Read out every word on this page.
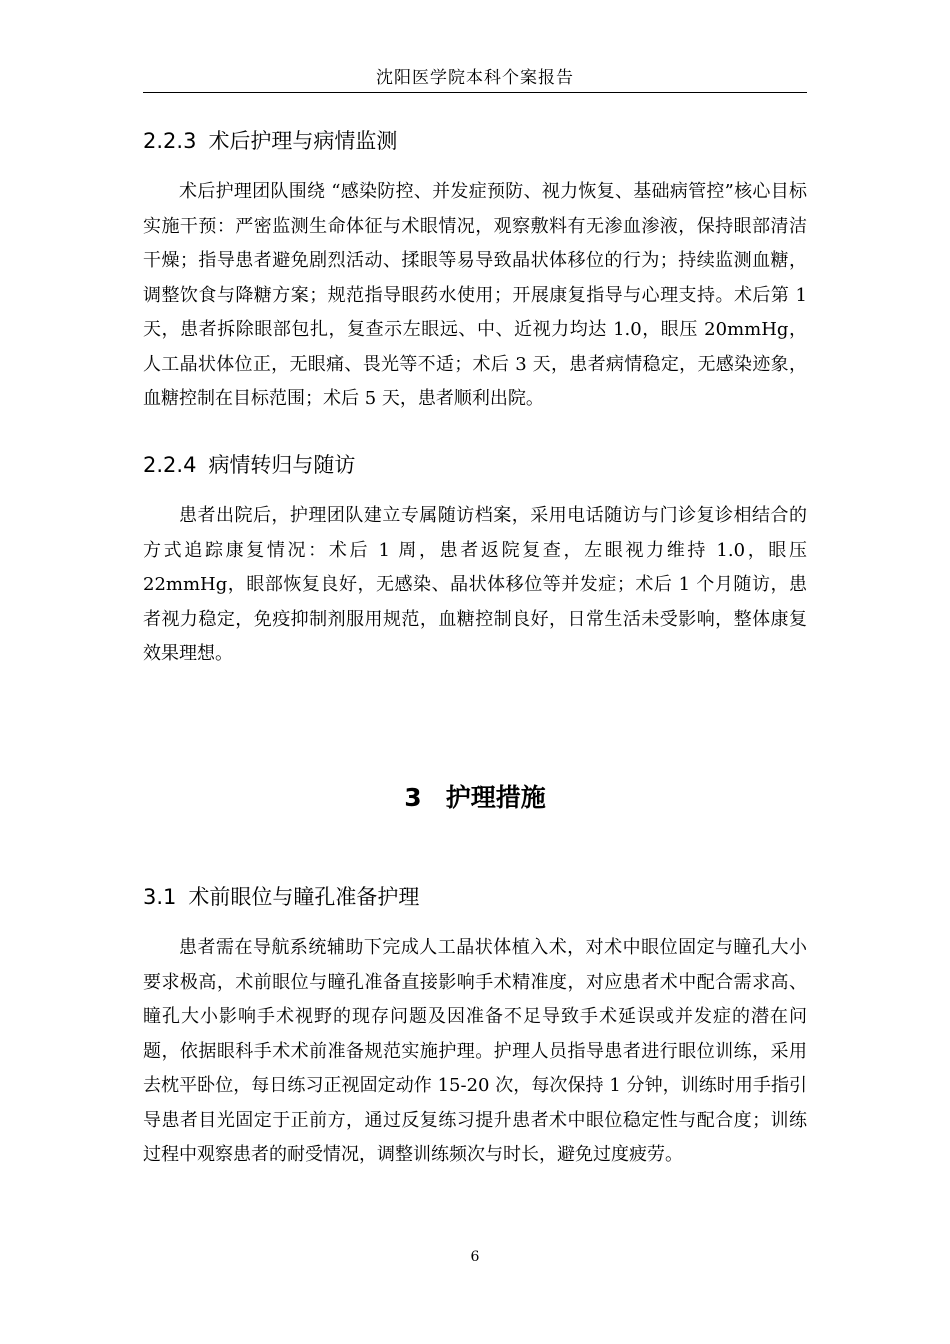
沈阳医学院本科个案报告
2.2.3 术后护理与病情监测

术后护理团队围绕 “感染防控、并发症预防、视力恢复、基础病管控”核心目标实施干预：严密监测生命体征与术眼情况，观察敷料有无渗血渗液，保持眼部清洁干燥；指导患者避免剧烈活动、揉眼等易导致晶状体移位的行为；持续监测血糖，调整饮食与降糖方案；规范指导眼药水使用；开展康复指导与心理支持。术后第 1 天，患者拆除眼部包扎，复查示左眼远、中、近视力均达 1.0，眼压 20mmHg，人工晶状体位正，无眼痛、畏光等不适；术后 3 天，患者病情稳定，无感染迹象，血糖控制在目标范围；术后 5 天，患者顺利出院。

2.2.4 病情转归与随访

患者出院后，护理团队建立专属随访档案，采用电话随访与门诊复诊相结合的方式追踪康复情况：术后 1 周，患者返院复查，左眼视力维持 1.0，眼压 22mmHg，眼部恢复良好，无感染、晶状体移位等并发症；术后 1 个月随访，患者视力稳定，免疫抑制剂服用规范，血糖控制良好，日常生活未受影响，整体康复效果理想。

3 护理措施
3.1 术前眼位与瞳孔准备护理

患者需在导航系统辅助下完成人工晶状体植入术，对术中眼位固定与瞳孔大小要求极高，术前眼位与瞳孔准备直接影响手术精准度，对应患者术中配合需求高、瞳孔大小影响手术视野的现存问题及因准备不足导致手术延误或并发症的潜在问题，依据眼科手术术前准备规范实施护理。护理人员指导患者进行眼位训练，采用去枕平卧位，每日练习正视固定动作 15-20 次，每次保持 1 分钟，训练时用手指引导患者目光固定于正前方，通过反复练习提升患者术中眼位稳定性与配合度；训练过程中观察患者的耐受情况，调整训练频次与时长，避免过度疲劳。

6
